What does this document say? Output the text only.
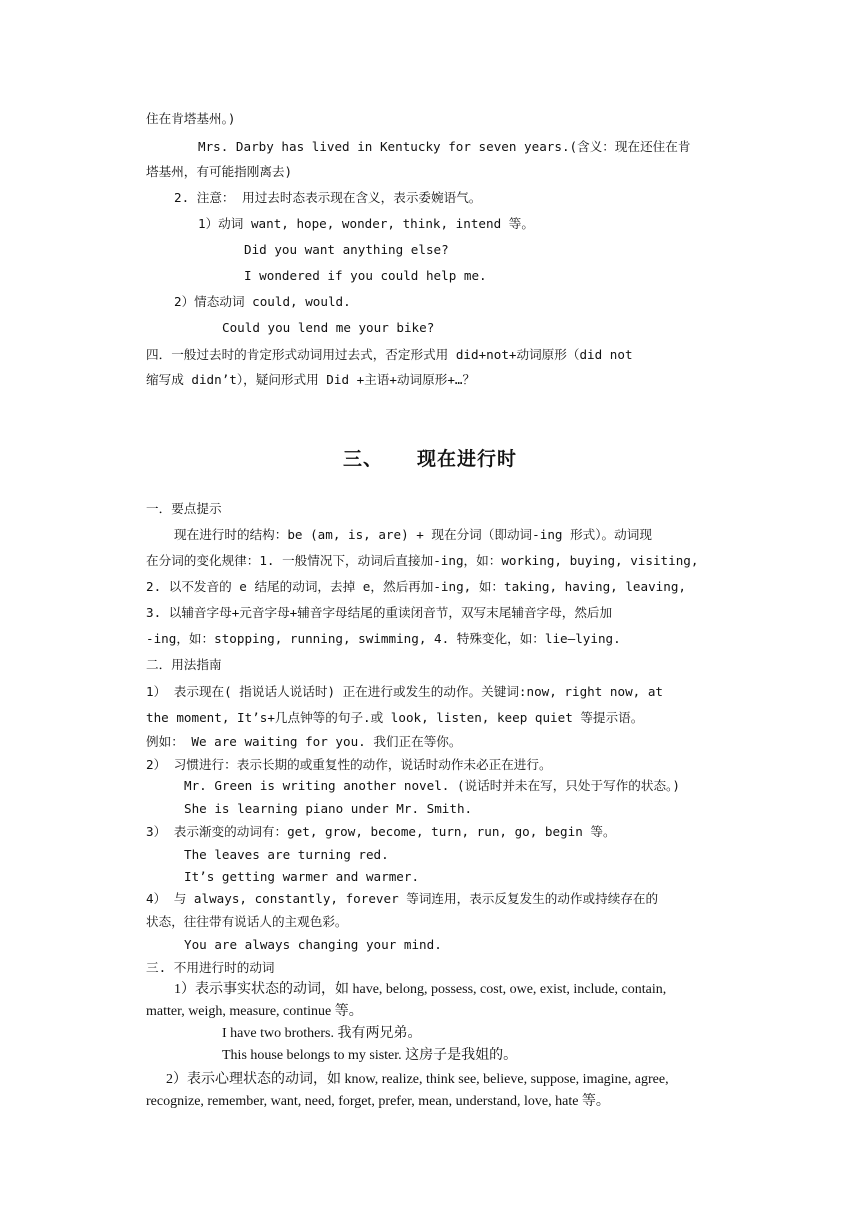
三、 现在进行时
住在肯塔基州。)
Mrs. Darby has lived in Kentucky for seven years.(含义：现在还住在肯
塔基州，有可能指刚离去)
2. 注意： 用过去时态表示现在含义，表示委婉语气。
1）动词 want, hope, wonder, think, intend 等。
Did you want anything else?
I wondered if you could help me.
2）情态动词 could, would.
Could you lend me your bike?
四．一般过去时的肯定形式动词用过去式，否定形式用 did+not+动词原形（did not
缩写成 didn’t），疑问形式用 Did +主语+动词原形+…？
一．要点提示
现在进行时的结构：be (am, is, are) + 现在分词（即动词-ing 形式）。动词现
在分词的变化规律：1. 一般情况下，动词后直接加-ing，如：working, buying, visiting,
2. 以不发音的 e 结尾的动词，去掉 e，然后再加-ing, 如：taking, having, leaving,
3. 以辅音字母+元音字母+辅音字母结尾的重读闭音节，双写末尾辅音字母，然后加
-ing，如：stopping, running, swimming, 4. 特殊变化，如：lie—lying.
二．用法指南
1） 表示现在( 指说话人说话时) 正在进行或发生的动作。关键词:now, right now, at
the moment, It’s+几点钟等的句子.或 look, listen, keep quiet 等提示语。
例如： We are waiting for you. 我们正在等你。
2） 习惯进行：表示长期的或重复性的动作，说话时动作未必正在进行。
Mr. Green is writing another novel. (说话时并未在写，只处于写作的状态。)
She is learning piano under Mr. Smith.
3） 表示渐变的动词有：get, grow, become, turn, run, go, begin 等。
The leaves are turning red.
It’s getting warmer and warmer.
4） 与 always, constantly, forever 等词连用，表示反复发生的动作或持续存在的
状态，往往带有说话人的主观色彩。
You are always changing your mind.
三. 不用进行时的动词
1）表示事实状态的动词，如 have, belong, possess, cost, owe, exist, include, contain,
matter, weigh, measure, continue 等。
I have two brothers. 我有两兄弟。
This house belongs to my sister. 这房子是我姐的。
2）表示心理状态的动词，如 know, realize, think see, believe, suppose, imagine, agree,
recognize, remember, want, need, forget, prefer, mean, understand, love, hate 等。
